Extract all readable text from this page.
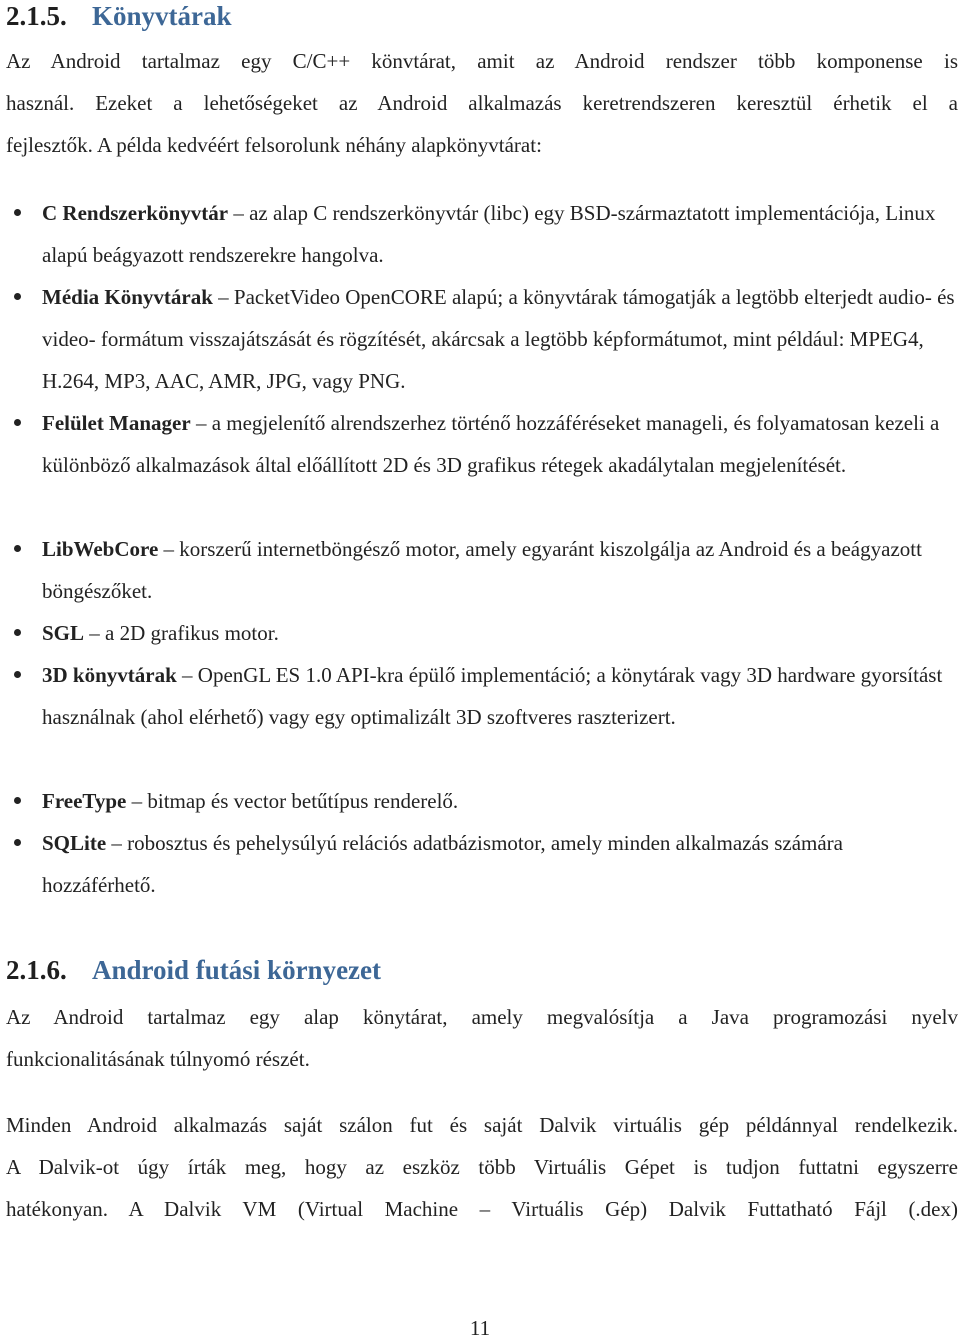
2.1.5. Könyvtárak

Az Android tartalmaz egy C/C++ könvtárat, amit az Android rendszer több komponense is
használ. Ezeket a lehetőségeket az Android alkalmazás keretrendszeren keresztül érhetik el a
fejlesztők. A példa kedvéért felsorolunk néhány alapkönyvtárat:

C Rendszerkönyvtár – az alap C rendszerkönyvtár (libc) egy BSD-származtatott implementációja, Linux alapú beágyazott rendszerekre hangolva.
Média Könyvtárak – PacketVideo OpenCORE alapú; a könyvtárak támogatják a legtöbb elterjedt audio- és video- formátum visszajátszását és rögzítését, akárcsak a legtöbb képformátumot, mint például: MPEG4, H.264, MP3, AAC, AMR, JPG, vagy PNG.
Felület Manager – a megjelenítő alrendszerhez történő hozzáféréseket manageli, és folyamatosan kezeli a különböző alkalmazások által előállított 2D és 3D grafikus rétegek akadálytalan megjelenítését.
LibWebCore – korszerű internetböngésző motor, amely egyaránt kiszolgálja az Android és a beágyazott böngészőket.
SGL – a 2D grafikus motor.
3D könyvtárak – OpenGL ES 1.0 API-kra épülő implementáció; a könytárak vagy 3D hardware gyorsítást használnak (ahol elérhető) vagy egy optimalizált 3D szoftveres raszterizert.
FreeType – bitmap és vector betűtípus renderelő.
SQLite – robosztus és pehelysúlyú relációs adatbázismotor, amely minden alkalmazás számára hozzáférhető.
2.1.6. Android futási környezet

Az Android tartalmaz egy alap könytárat, amely megvalósítja a Java programozási nyelv
funkcionalitásának túlnyomó részét.

Minden Android alkalmazás saját szálon fut és saját Dalvik virtuális gép példánnyal rendelkezik.
A Dalvik-ot úgy írták meg, hogy az eszköz több Virtuális Gépet is tudjon futtatni egyszerre
hatékonyan. A Dalvik VM (Virtual Machine – Virtuális Gép) Dalvik Futtatható Fájl (.dex)

11
